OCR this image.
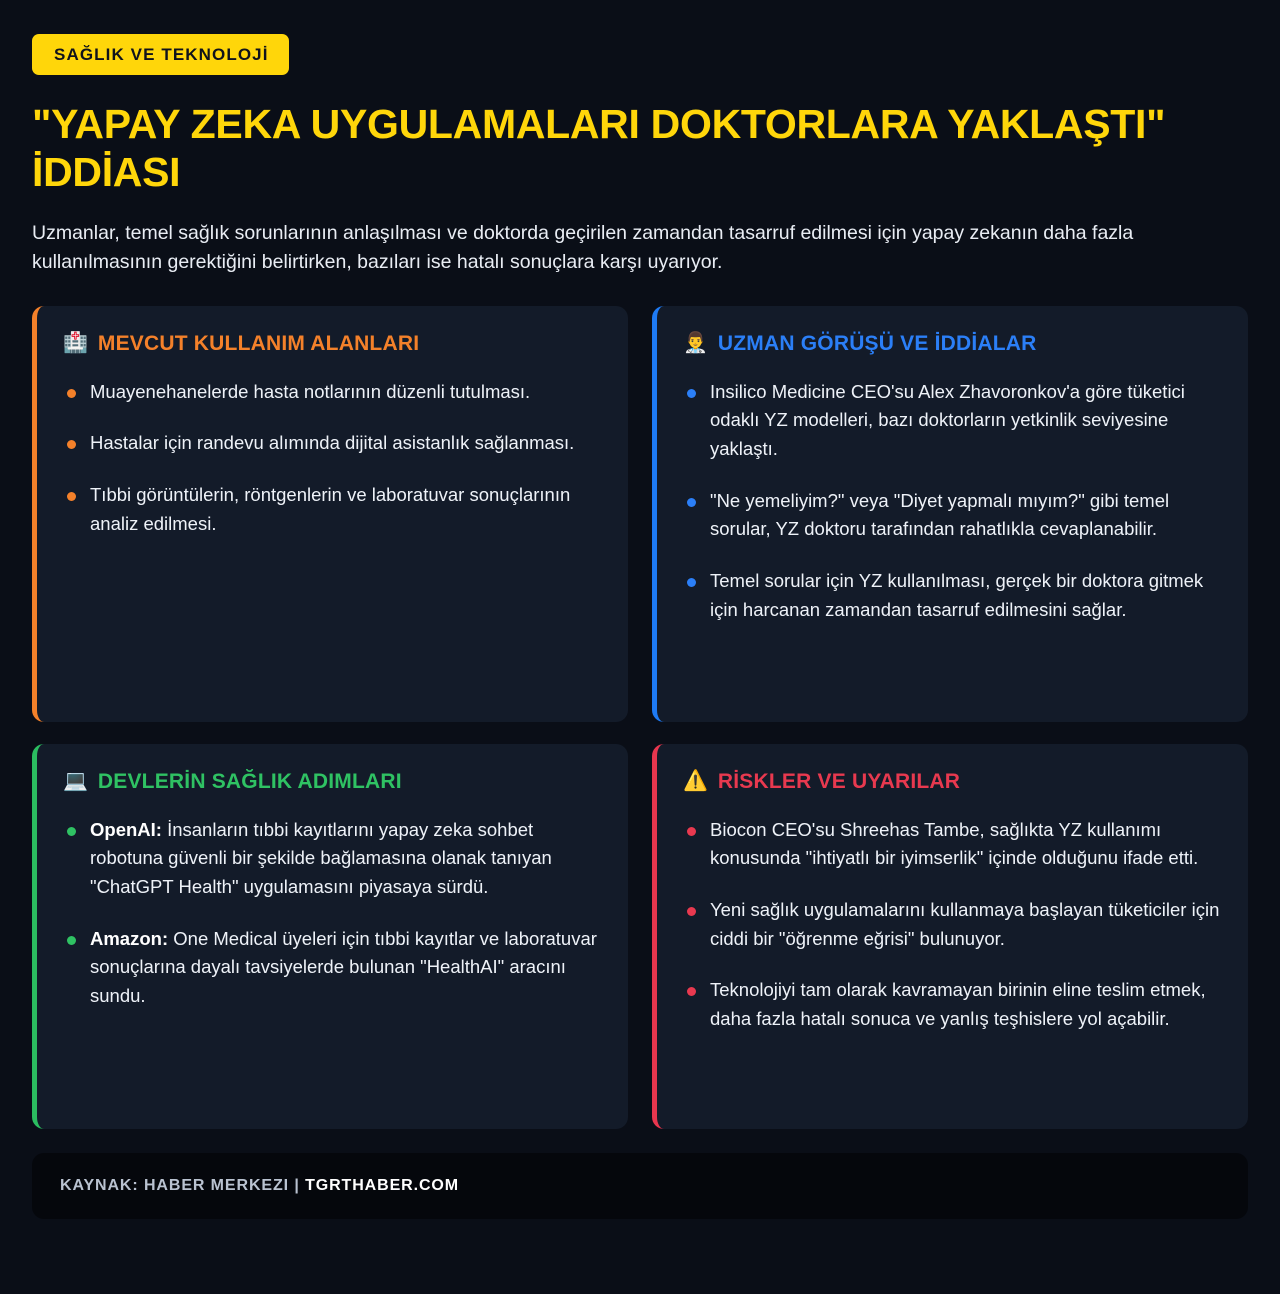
SAĞLIK VE TEKNOLOJİ
"YAPAY ZEKA UYGULAMALARI DOKTORLARA YAKLAŞTI" İDDİASI

Uzmanlar, temel sağlık sorunlarının anlaşılması ve doktorda geçirilen zamandan tasarruf edilmesi için yapay zekanın daha fazla kullanılmasının gerektiğini belirtirken, bazıları ise hatalı sonuçlara karşı uyarıyor.

🏥 MEVCUT KULLANIM ALANLARI
Muayenehanelerde hasta notlarının düzenli tutulması.
Hastalar için randevu alımında dijital asistanlık sağlanması.
Tıbbi görüntülerin, röntgenlerin ve laboratuvar sonuçlarının analiz edilmesi.
👨‍⚕️ UZMAN GÖRÜŞÜ VE İDDİALAR
Insilico Medicine CEO'su Alex Zhavoronkov'a göre tüketici odaklı YZ modelleri, bazı doktorların yetkinlik seviyesine yaklaştı.
"Ne yemeliyim?" veya "Diyet yapmalı mıyım?" gibi temel sorular, YZ doktoru tarafından rahatlıkla cevaplanabilir.
Temel sorular için YZ kullanılması, gerçek bir doktora gitmek için harcanan zamandan tasarruf edilmesini sağlar.
💻 DEVLERİN SAĞLIK ADIMLARI
OpenAI: İnsanların tıbbi kayıtlarını yapay zeka sohbet robotuna güvenli bir şekilde bağlamasına olanak tanıyan "ChatGPT Health" uygulamasını piyasaya sürdü.
Amazon: One Medical üyeleri için tıbbi kayıtlar ve laboratuvar sonuçlarına dayalı tavsiyelerde bulunan "HealthAI" aracını sundu.
⚠️ RİSKLER VE UYARILAR
Biocon CEO'su Shreehas Tambe, sağlıkta YZ kullanımı konusunda "ihtiyatlı bir iyimserlik" içinde olduğunu ifade etti.
Yeni sağlık uygulamalarını kullanmaya başlayan tüketiciler için ciddi bir "öğrenme eğrisi" bulunuyor.
Teknolojiyi tam olarak kavramayan birinin eline teslim etmek, daha fazla hatalı sonuca ve yanlış teşhislere yol açabilir.
KAYNAK: HABER MERKEZI | TGRTHABER.COM
